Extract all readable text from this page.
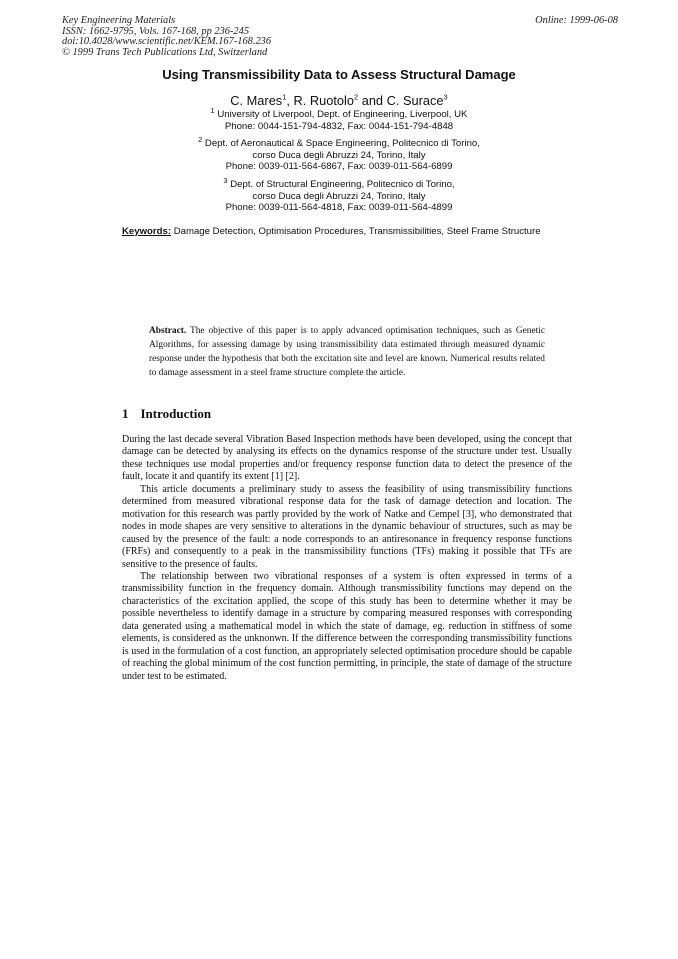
Key Engineering Materials
ISSN: 1662-9795, Vols. 167-168, pp 236-245
doi:10.4028/www.scientific.net/KEM.167-168.236
© 1999 Trans Tech Publications Ltd, Switzerland
Online: 1999-06-08
Using Transmissibility Data to Assess Structural Damage
C. Mares$^1$, R. Ruotolo$^2$ and C. Surace$^3$
$^1$ University of Liverpool, Dept. of Engineering, Liverpool, UK
Phone: 0044-151-794-4832, Fax: 0044-151-794-4848
$^2$ Dept. of Aeronautical & Space Engineering, Politecnico di Torino,
corso Duca degli Abruzzi 24, Torino, Italy
Phone: 0039-011-564-6867, Fax: 0039-011-564-6899
$^3$ Dept. of Structural Engineering, Politecnico di Torino,
corso Duca degli Abruzzi 24, Torino, Italy
Phone: 0039-011-564-4818, Fax: 0039-011-564-4899
Keywords: Damage Detection, Optimisation Procedures, Transmissibilities, Steel Frame Structure
Abstract. The objective of this paper is to apply advanced optimisation techniques, such as Genetic Algorithms, for assessing damage by using transmissibility data estimated through measured dynamic response under the hypothesis that both the excitation site and level are known. Numerical results related to damage assessment in a steel frame structure complete the article.
1 Introduction

During the last decade several Vibration Based Inspection methods have been developed, using the concept that damage can be detected by analysing its effects on the dynamics response of the structure under test. Usually these techniques use modal properties and/or frequency response function data to detect the presence of the fault, locate it and quantify its extent [1] [2].

This article documents a preliminary study to assess the feasibility of using transmissibility functions determined from measured vibrational response data for the task of damage detection and location. The motivation for this research was partly provided by the work of Natke and Cempel [3], who demonstrated that nodes in mode shapes are very sensitive to alterations in the dynamic behaviour of structures, such as may be caused by the presence of the fault: a node corresponds to an antiresonance in frequency response functions (FRFs) and consequently to a peak in the transmissibility functions (TFs) making it possible that TFs are sensitive to the presence of faults.

The relationship between two vibrational responses of a system is often expressed in terms of a transmissibility function in the frequency domain. Although transmissibility functions may depend on the characteristics of the excitation applied, the scope of this study has been to determine whether it may be possible nevertheless to identify damage in a structure by comparing measured responses with corresponding data generated using a mathematical model in which the state of damage, eg. reduction in stiffness of some elements, is considered as the unknonwn. If the difference between the corresponding transmissibility functions is used in the formulation of a cost function, an appropriately selected optimisation procedure should be capable of reaching the global minimum of the cost function permitting, in principle, the state of damage of the structure under test to be estimated.
